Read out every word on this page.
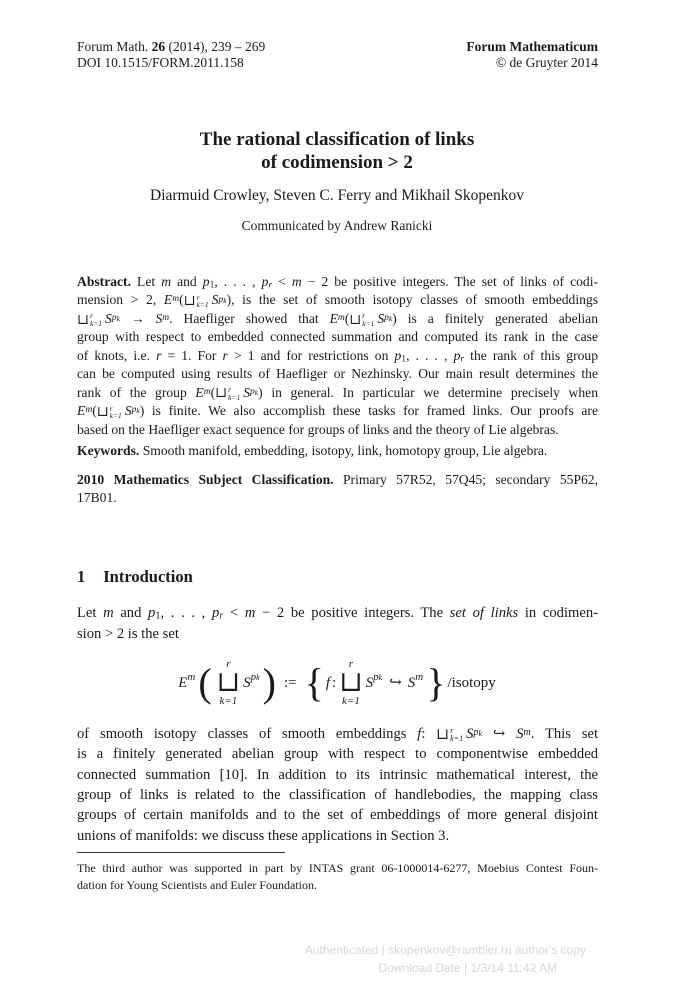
Forum Math. 26 (2014), 239 – 269
DOI 10.1515/FORM.2011.158
Forum Mathematicum
© de Gruyter 2014
The rational classification of links
of codimension > 2
Diarmuid Crowley, Steven C. Ferry and Mikhail Skopenkov
Communicated by Andrew Ranicki
Abstract. Let m and p1, . . . , pr < m − 2 be positive integers. The set of links of codi-
mension > 2, $E^m$( ⊔ r
k=1 $S^{pk}$), is the set of smooth isotopy classes of smooth embeddings
⊔ r
k=1 $S^{pk} \to S^m$. Haefliger showed that $E^m$( ⊔ r
k=1 $S^{pk}$) is a finitely generated abelian
group with respect to embedded connected summation and computed its rank in the case
of knots, i.e. r = 1. For r > 1 and for restrictions on p1, . . . , pr the rank of this group
can be computed using results of Haefliger or Nezhinsky. Our main result determines the
rank of the group $E^m$( ⊔ r
k=1 $S^{pk}$) in general. In particular we determine precisely when
$E^m$( ⊔ r
k=1 $S^{pk}$) is finite. We also accomplish these tasks for framed links. Our proofs are
based on the Haefliger exact sequence for groups of links and the theory of Lie algebras.
Keywords. Smooth manifold, embedding, isotopy, link, homotopy group, Lie algebra.
2010 Mathematics Subject Classification. Primary 57R52, 57Q45; secondary 55P62,
17B01.
1 Introduction
Let m and p1, . . . , pr < m − 2 be positive integers. The set of links in codimen-
sion > 2 is the set
E m ( r
⊔
k=1
S pk ) := { f :
r
⊔
k=1
S pk ↪ S m } /isotopy
of smooth isotopy classes of smooth embeddings f: ⊔ r
k=1 $S^{pk}$ ↪ $S^m$. This set
is a finitely generated abelian group with respect to componentwise embedded
connected summation [10]. In addition to its intrinsic mathematical interest, the
group of links is related to the classification of handlebodies, the mapping class
groups of certain manifolds and to the set of embeddings of more general disjoint
unions of manifolds: we discuss these applications in Section 3.
The third author was supported in part by INTAS grant 06-1000014-6277, Moebius Contest Foun-
dation for Young Scientists and Euler Foundation.
Authenticated | skopenkov@rambler.ru author's copy
Download Date | 1/3/14 11:42 AM
